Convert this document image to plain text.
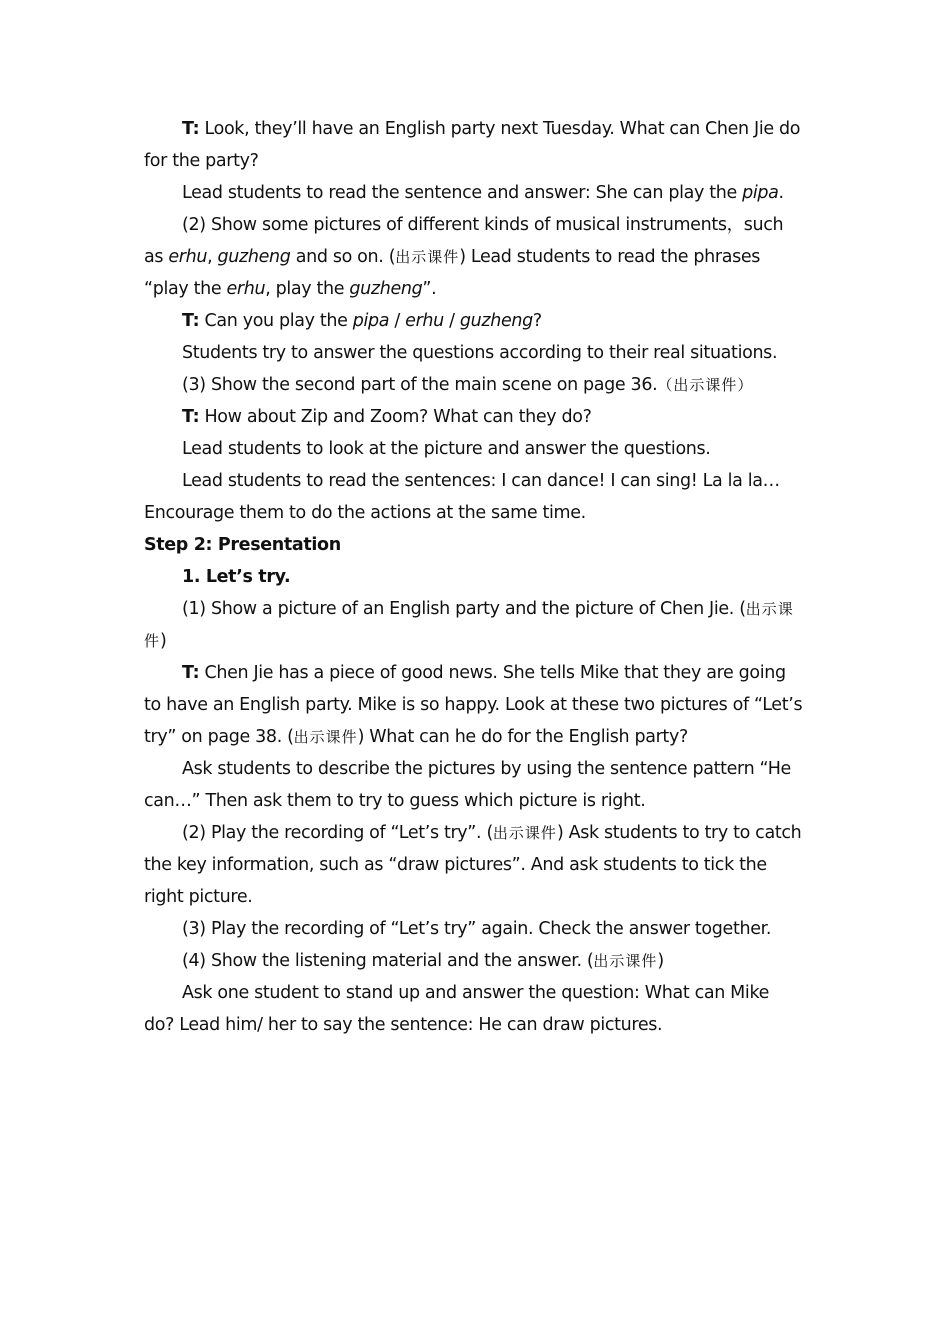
T: Look, they’ll have an English party next Tuesday. What can Chen Jie do for the party?

Lead students to read the sentence and answer: She can play the pipa.

(2) Show some pictures of different kinds of musical instruments，such as erhu, guzheng and so on. (出示课件) Lead students to read the phrases “play the erhu, play the guzheng”.

T: Can you play the pipa / erhu / guzheng?

Students try to answer the questions according to their real situations.

(3) Show the second part of the main scene on page 36.（出示课件）

T: How about Zip and Zoom? What can they do?

Lead students to look at the picture and answer the questions.

Lead students to read the sentences: I can dance! I can sing! La la la… Encourage them to do the actions at the same time.

Step 2: Presentation

1. Let’s try.

(1) Show a picture of an English party and the picture of Chen Jie. (出示课件)

T: Chen Jie has a piece of good news. She tells Mike that they are going to have an English party. Mike is so happy. Look at these two pictures of “Let’s try” on page 38. (出示课件) What can he do for the English party?

Ask students to describe the pictures by using the sentence pattern “He can…” Then ask them to try to guess which picture is right.

(2) Play the recording of “Let’s try”. (出示课件) Ask students to try to catch the key information, such as “draw pictures”. And ask students to tick the right picture.

(3) Play the recording of “Let’s try” again. Check the answer together.

(4) Show the listening material and the answer. (出示课件)

Ask one student to stand up and answer the question: What can Mike do? Lead him/ her to say the sentence: He can draw pictures.
